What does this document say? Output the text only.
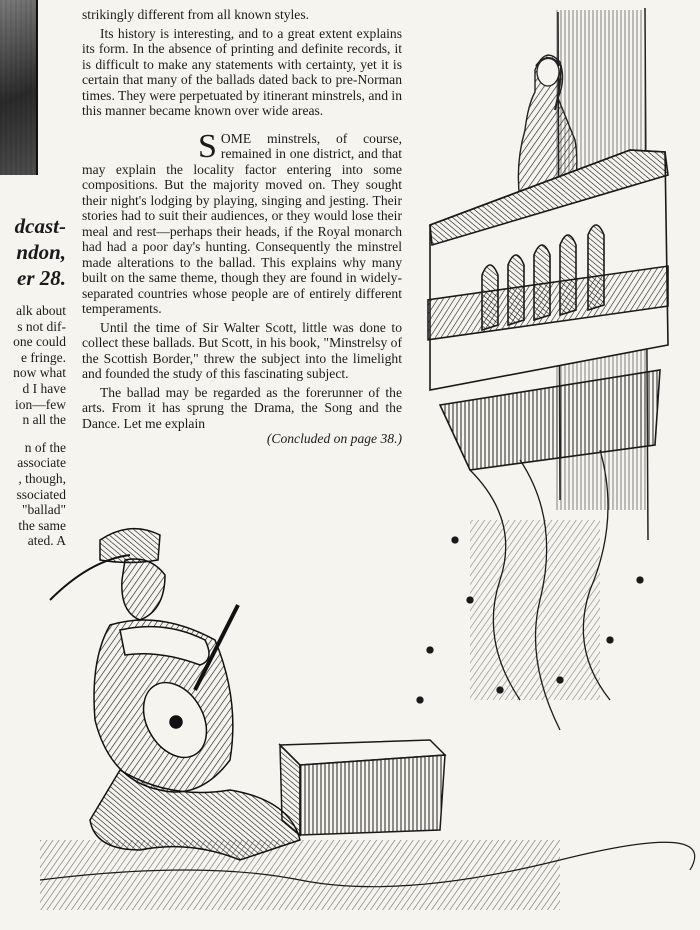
dcast-
ndon,
er 28.
alk about
s not dif-
one could
e fringe.
now what
d I have
ion—few
n all the
n of the
associate
, though,
ssociated
"ballad"
the same
ated. A

strikingly different from all known styles.

Its history is interesting, and to a great extent explains its form. In the absence of printing and definite records, it is difficult to make any statements with certainty, yet it is certain that many of the ballads dated back to pre-Norman times. They were perpetuated by itinerant minstrels, and in this manner became known over wide areas.

SOME minstrels, of course, remained in one district, and that may explain the locality factor entering into some compositions. But the majority moved on. They sought their night's lodging by playing, singing and jesting. Their stories had to suit their audiences, or they would lose their meal and rest—perhaps their heads, if the Royal monarch had had a poor day's hunting. Consequently the minstrel made alterations to the ballad. This explains why many built on the same theme, though they are found in widely-separated countries whose people are of entirely different temperaments.

Until the time of Sir Walter Scott, little was done to collect these ballads. But Scott, in his book, "Minstrelsy of the Scottish Border," threw the subject into the limelight and founded the study of this fascinating subject.

The ballad may be regarded as the forerunner of the arts. From it has sprung the Drama, the Song and the Dance. Let me explain

(Concluded on page 38.)
